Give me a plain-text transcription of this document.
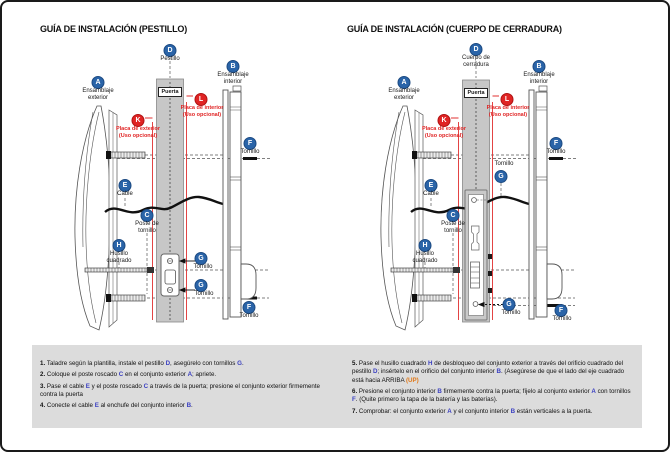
GUÍA DE INSTALACIÓN (PESTILLO)	GUÍA DE INSTALACIÓN (CUERPO DE CERRADURA)
A
Ensamblaje
exterior
D
Pestillo
B
Ensamblaje
interior
L
Placa de interior
(Uso opcional)
K
Placa de exterior
(Uso opcional)
F
Tornillo
E
Cable
C
Poste de
tornillo
H
Husillo
cuadrado	G
Tornillo
G
Tornillo
F
Tornillo
Puerta
A
Ensamblaje
exterior
D
Cuerpo de
cerradura	B
Ensamblaje
interior
L
Placa de interior
(Uso opcional)
K
Placa de exterior
(Uso opcional)
F
Tornillo
E
Cable
C
Poste de
tornillo
H
Husillo
cuadrado
Tornillo
G
G
Tornillo	F
Tornillo
Puerta
1. Taladre según la plantilla, instale el pestillo D, asegúrelo con tornillos G.
2. Coloque el poste roscado C en el conjunto exterior A; apriete.
3. Pase el cable E y el poste roscado C a través de la puerta; presione el conjunto exterior firmemente contra la puerta
4. Conecte el cable E al enchufe del conjunto interior B.
5. Pase el husillo cuadrado H de desbloqueo del conjunto exterior a través del orificio cuadrado del pestillo D; insértelo en el orificio del conjunto interior B. (Asegúrese de que el lado del eje cuadrado está hacia ARRIBA (UP)
6. Presione el conjunto interior B firmemente contra la puerta; fíjelo al conjunto exterior A con tornillos F. (Quite primero la tapa de la batería y las baterías).
7. Comprobar: el conjunto exterior A y el conjunto interior B están verticales a la puerta.
